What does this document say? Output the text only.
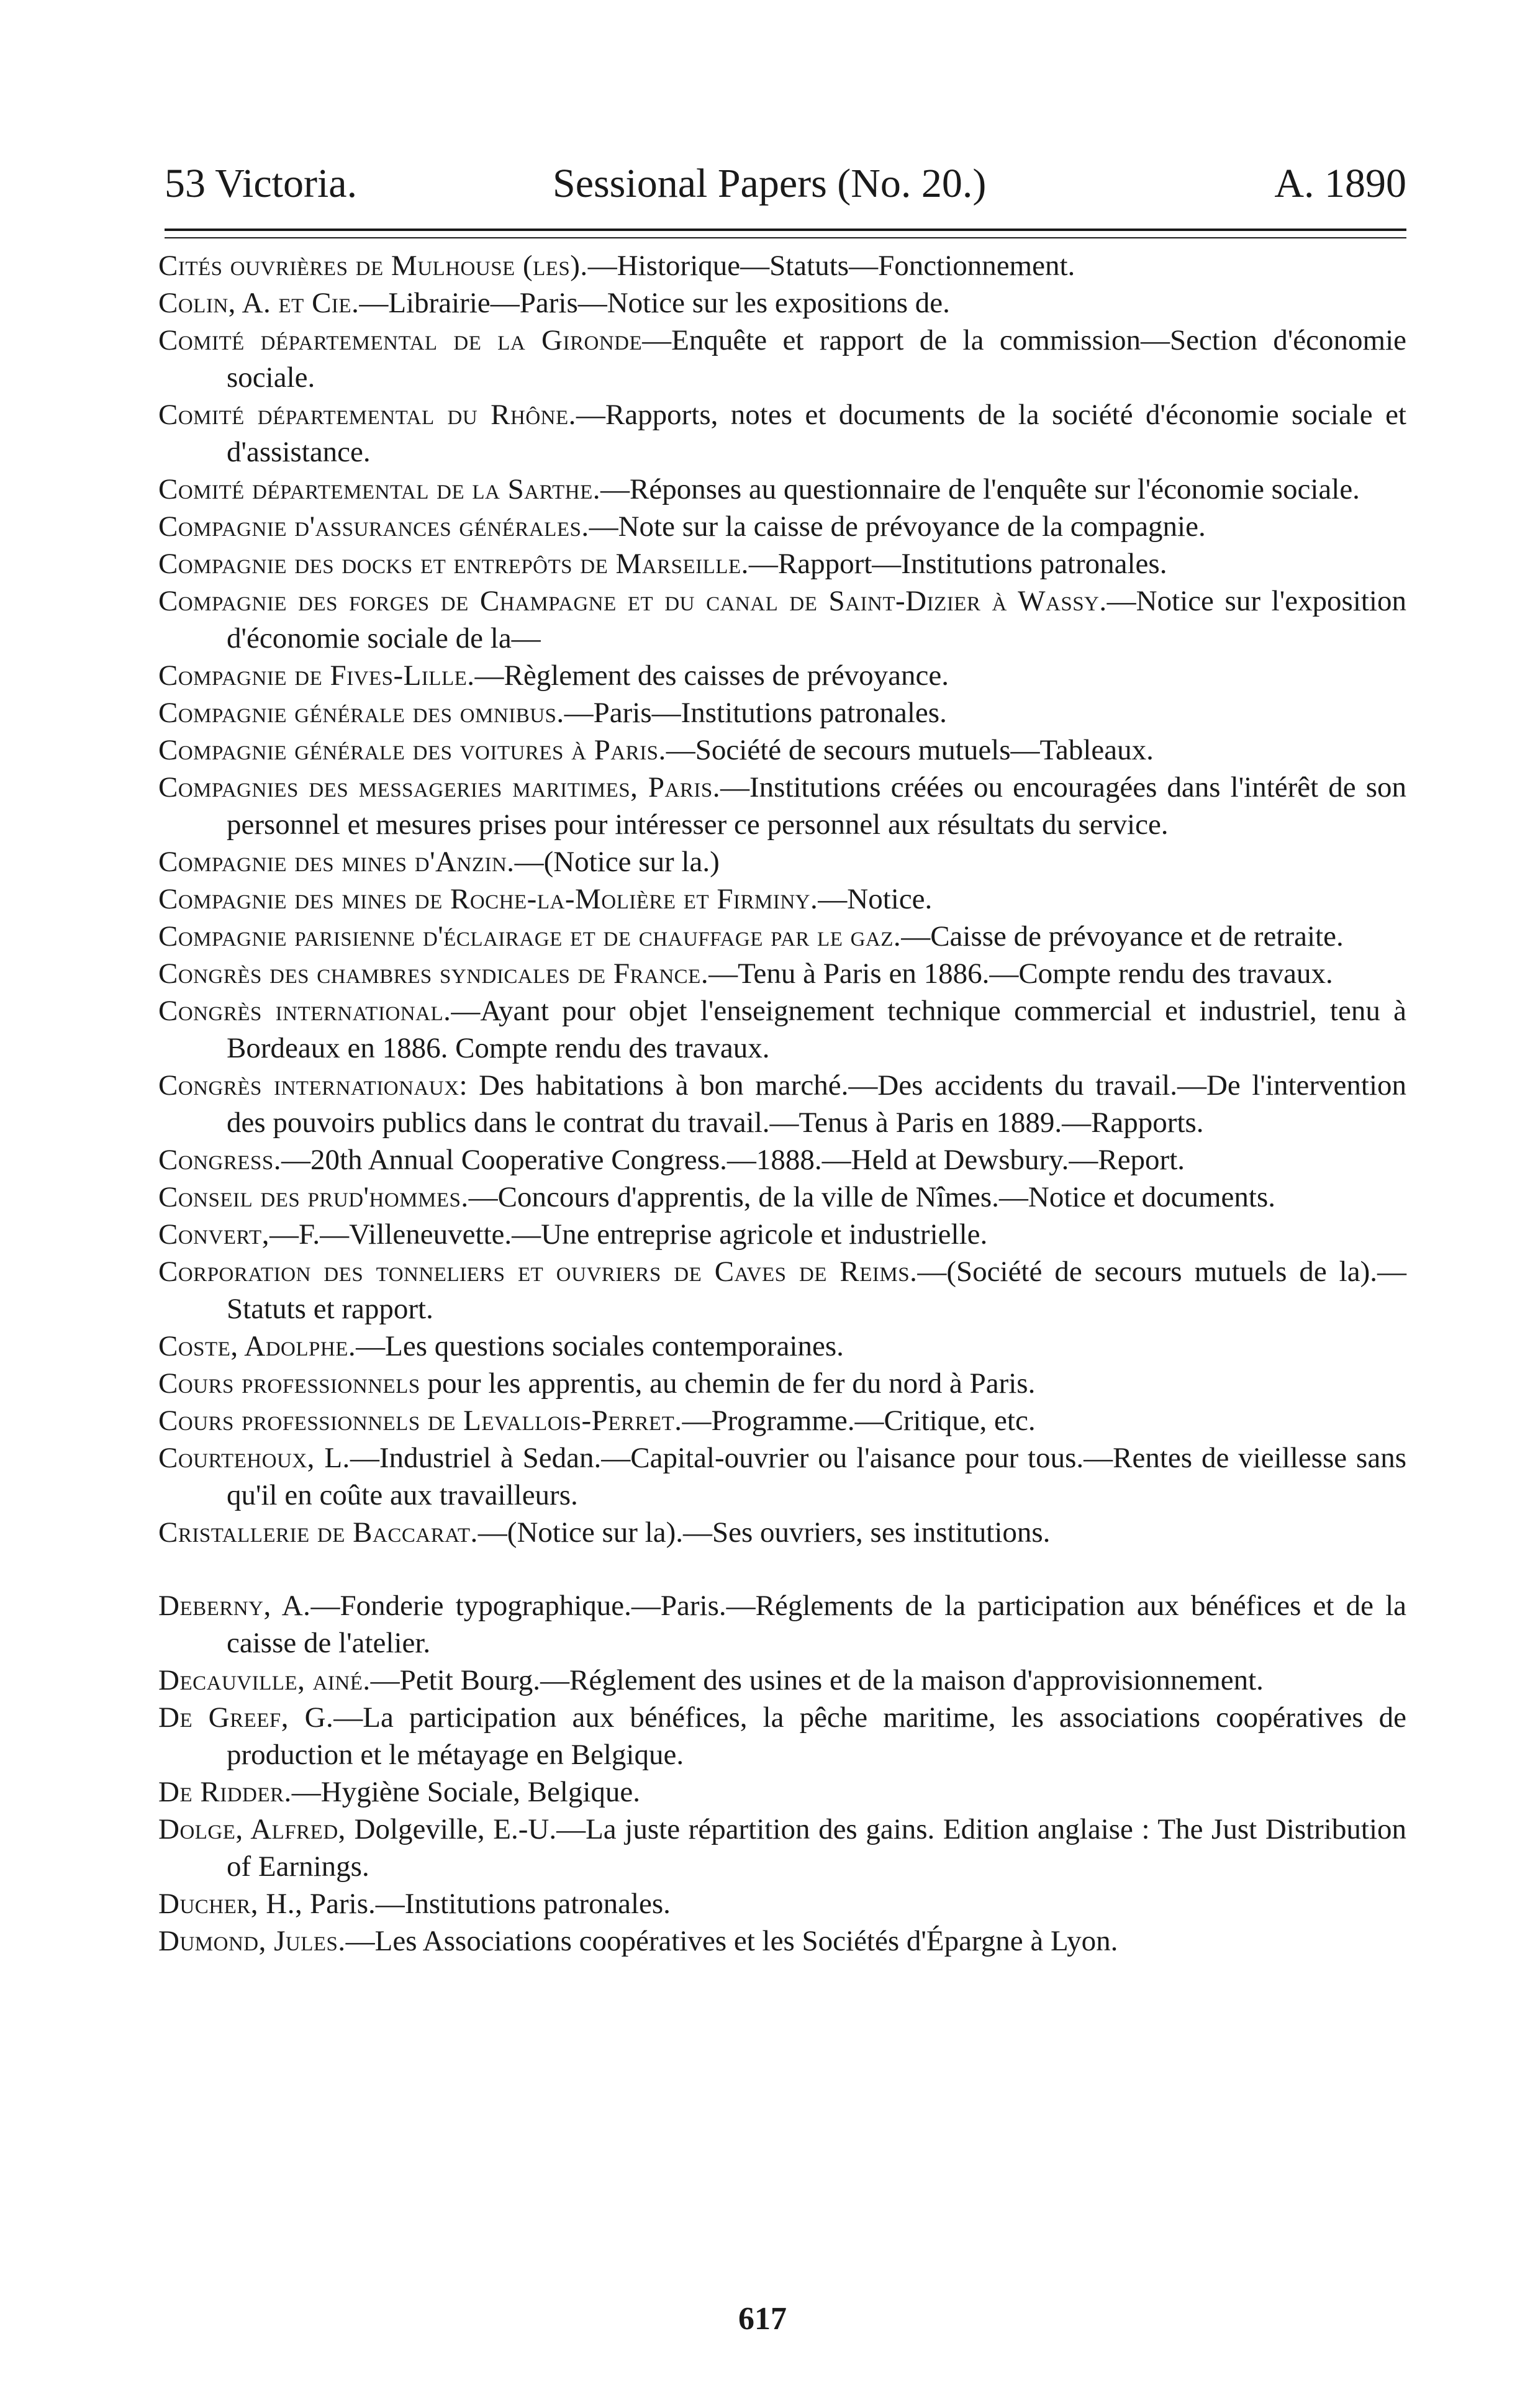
53 Victoria.	Sessional Papers (No. 20.)	A. 1890

Cités ouvrières de Mulhouse (les).—Historique—Statuts—Fonctionnement.

Colin, A. et Cie.—Librairie—Paris—Notice sur les expositions de.

Comité départemental de la Gironde—Enquête et rapport de la commission—Section d'économie sociale.

Comité départemental du Rhône.—Rapports, notes et documents de la société d'économie sociale et d'assistance.

Comité départemental de la Sarthe.—Réponses au questionnaire de l'enquête sur l'économie sociale.

Compagnie d'assurances générales.—Note sur la caisse de prévoyance de la compagnie.

Compagnie des docks et entrepôts de Marseille.—Rapport—Institutions patronales.

Compagnie des forges de Champagne et du canal de Saint-Dizier à Wassy.—Notice sur l'exposition d'économie sociale de la—

Compagnie de Fives-Lille.—Règlement des caisses de prévoyance.

Compagnie générale des omnibus.—Paris—Institutions patronales.

Compagnie générale des voitures à Paris.—Société de secours mutuels—Tableaux.

Compagnies des messageries maritimes, Paris.—Institutions créées ou encouragées dans l'intérêt de son personnel et mesures prises pour intéresser ce personnel aux résultats du service.

Compagnie des mines d'Anzin.—(Notice sur la.)

Compagnie des mines de Roche-la-Molière et Firminy.—Notice.

Compagnie parisienne d'éclairage et de chauffage par le gaz.—Caisse de prévoyance et de retraite.

Congrès des chambres syndicales de France.—Tenu à Paris en 1886.—Compte rendu des travaux.

Congrès international.—Ayant pour objet l'enseignement technique commercial et industriel, tenu à Bordeaux en 1886. Compte rendu des travaux.

Congrès internationaux: Des habitations à bon marché.—Des accidents du travail.—De l'intervention des pouvoirs publics dans le contrat du travail.—Tenus à Paris en 1889.—Rapports.

Congress.—20th Annual Cooperative Congress.—1888.—Held at Dewsbury.—Report.

Conseil des prud'hommes.—Concours d'apprentis, de la ville de Nîmes.—Notice et documents.

Convert,—F.—Villeneuvette.—Une entreprise agricole et industrielle.

Corporation des tonneliers et ouvriers de Caves de Reims.—(Société de secours mutuels de la).—Statuts et rapport.

Coste, Adolphe.—Les questions sociales contemporaines.

Cours professionnels pour les apprentis, au chemin de fer du nord à Paris.

Cours professionnels de Levallois-Perret.—Programme.—Critique, etc.

Courtehoux, L.—Industriel à Sedan.—Capital-ouvrier ou l'aisance pour tous.—Rentes de vieillesse sans qu'il en coûte aux travailleurs.

Cristallerie de Baccarat.—(Notice sur la).—Ses ouvriers, ses institutions.

Deberny, A.—Fonderie typographique.—Paris.—Réglements de la participation aux bénéfices et de la caisse de l'atelier.

Decauville, ainé.—Petit Bourg.—Réglement des usines et de la maison d'approvisionnement.

De Greef, G.—La participation aux bénéfices, la pêche maritime, les associations coopératives de production et le métayage en Belgique.

De Ridder.—Hygiène Sociale, Belgique.

Dolge, Alfred, Dolgeville, E.-U.—La juste répartition des gains. Edition anglaise : The Just Distribution of Earnings.

Ducher, H., Paris.—Institutions patronales.

Dumond, Jules.—Les Associations coopératives et les Sociétés d'Épargne à Lyon.

617
